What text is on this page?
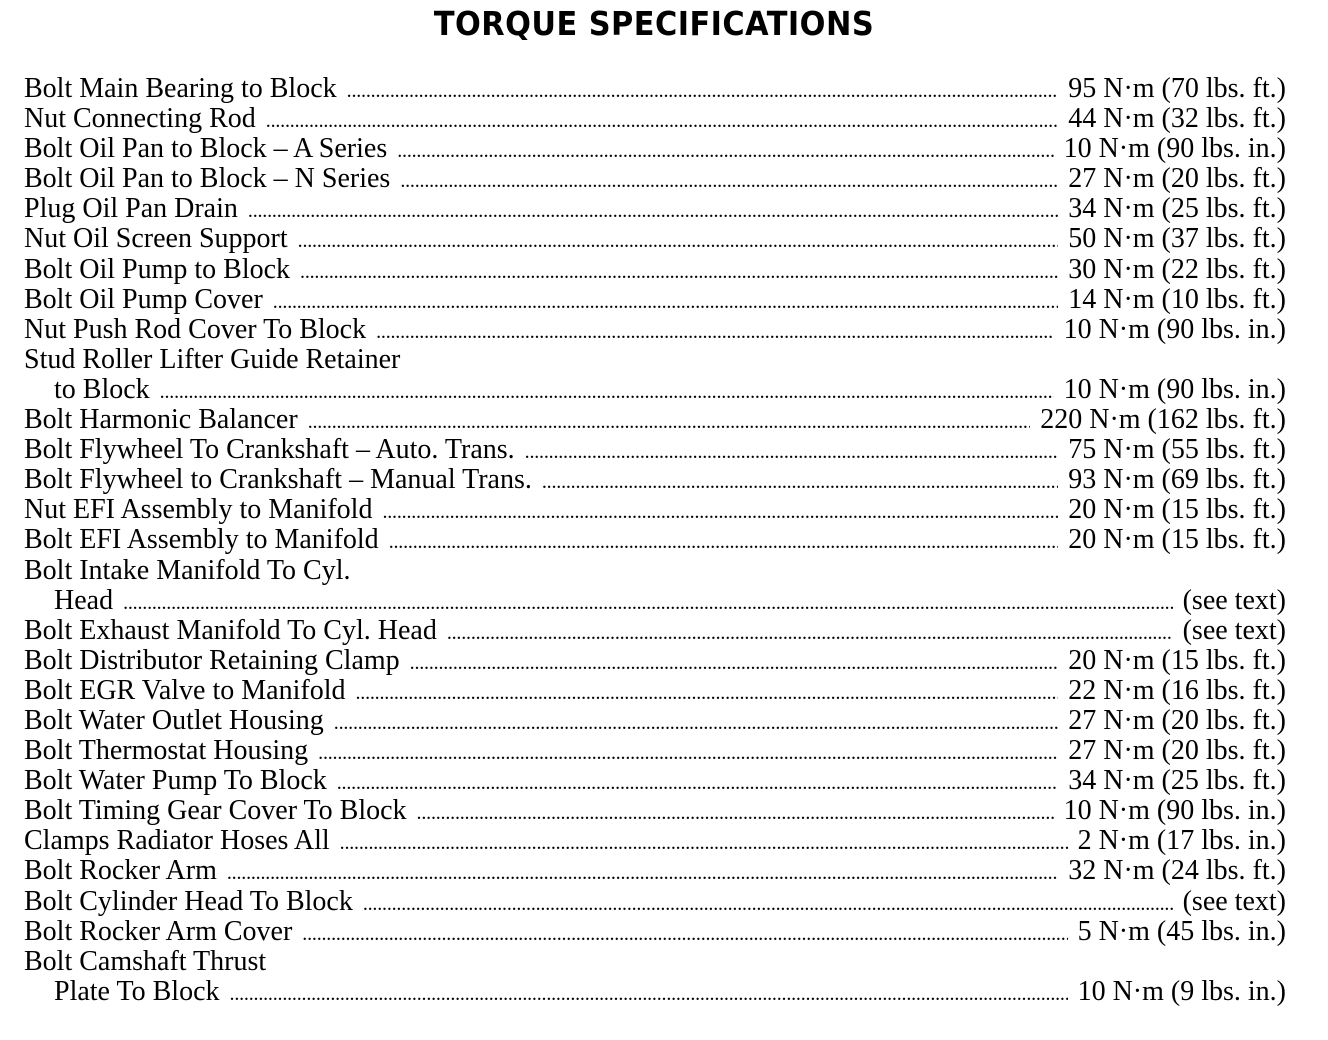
TORQUE SPECIFICATIONS
Bolt Main Bearing to Block . . .	95 N·m (70 lbs. ft.)
Nut Connecting Rod . . .	44 N·m (32 lbs. ft.)
Bolt Oil Pan to Block – A Series . . .	10 N·m (90 lbs. in.)
Bolt Oil Pan to Block – N Series . . .	27 N·m (20 lbs. ft.)
Plug Oil Pan Drain . . .	34 N·m (25 lbs. ft.)
Nut Oil Screen Support . . .	50 N·m (37 lbs. ft.)
Bolt Oil Pump to Block . . .	30 N·m (22 lbs. ft.)
Bolt Oil Pump Cover . . .	14 N·m (10 lbs. ft.)
Nut Push Rod Cover To Block . . .	10 N·m (90 lbs. in.)
Stud Roller Lifter Guide Retainer
to Block . . .	10 N·m (90 lbs. in.)
Bolt Harmonic Balancer . . .	220 N·m (162 lbs. ft.)
Bolt Flywheel To Crankshaft – Auto. Trans. . . .	75 N·m (55 lbs. ft.)
Bolt Flywheel to Crankshaft – Manual Trans. . . .	93 N·m (69 lbs. ft.)
Nut EFI Assembly to Manifold . . .	20 N·m (15 lbs. ft.)
Bolt EFI Assembly to Manifold . . .	20 N·m (15 lbs. ft.)
Bolt Intake Manifold To Cyl.
Head . . .	(see text)
Bolt Exhaust Manifold To Cyl. Head . . .	(see text)
Bolt Distributor Retaining Clamp . . .	20 N·m (15 lbs. ft.)
Bolt EGR Valve to Manifold . . .	22 N·m (16 lbs. ft.)
Bolt Water Outlet Housing . . .	27 N·m (20 lbs. ft.)
Bolt Thermostat Housing . . .	27 N·m (20 lbs. ft.)
Bolt Water Pump To Block . . .	34 N·m (25 lbs. ft.)
Bolt Timing Gear Cover To Block . . .	10 N·m (90 lbs. in.)
Clamps Radiator Hoses All . . .	2 N·m (17 lbs. in.)
Bolt Rocker Arm . . .	32 N·m (24 lbs. ft.)
Bolt Cylinder Head To Block . . .	(see text)
Bolt Rocker Arm Cover . . .	5 N·m (45 lbs. in.)
Bolt Camshaft Thrust
Plate To Block . . .	10 N·m (9 lbs. in.)
